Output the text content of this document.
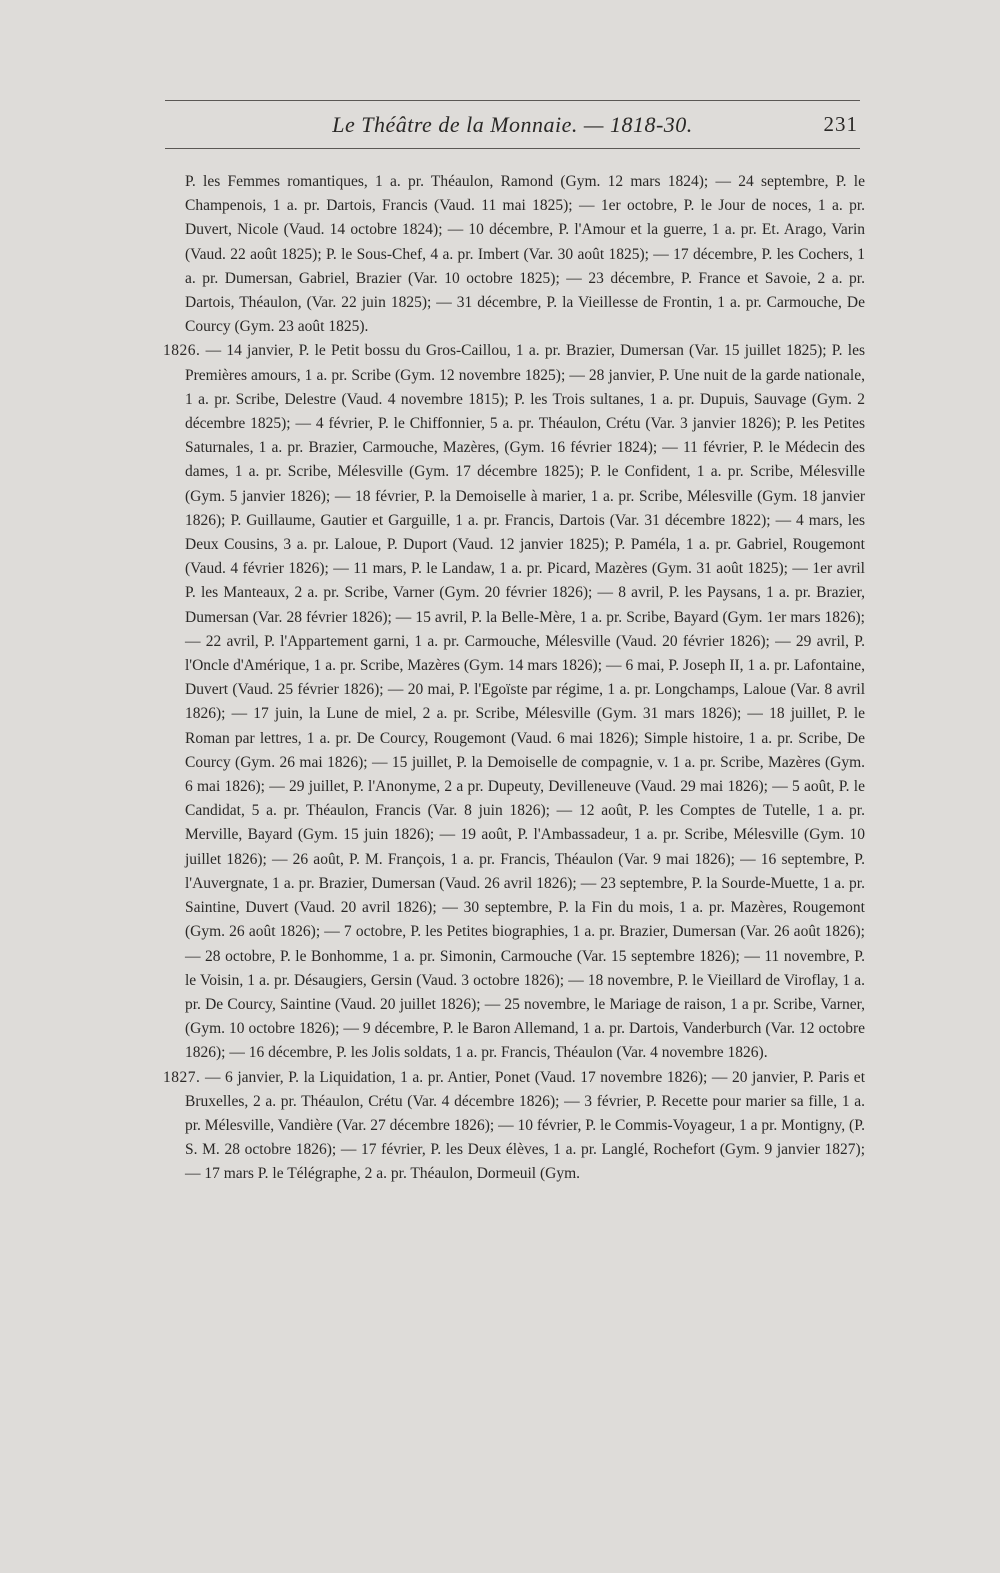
Le Théâtre de la Monnaie. — 1818-30.	231

P. les Femmes romantiques, 1 a. pr. Théaulon, Ramond (Gym. 12 mars 1824); — 24 septembre, P. le Champenois, 1 a. pr. Dartois, Francis (Vaud. 11 mai 1825); — 1er octobre, P. le Jour de noces, 1 a. pr. Duvert, Nicole (Vaud. 14 octobre 1824); — 10 décembre, P. l'Amour et la guerre, 1 a. pr. Et. Arago, Varin (Vaud. 22 août 1825); P. le Sous-Chef, 4 a. pr. Imbert (Var. 30 août 1825); — 17 décembre, P. les Cochers, 1 a. pr. Dumersan, Gabriel, Brazier (Var. 10 octobre 1825); — 23 décembre, P. France et Savoie, 2 a. pr. Dartois, Théaulon, (Var. 22 juin 1825); — 31 décembre, P. la Vieillesse de Frontin, 1 a. pr. Carmouche, De Courcy (Gym. 23 août 1825).

1826. — 14 janvier, P. le Petit bossu du Gros-Caillou, 1 a. pr. Brazier, Dumersan (Var. 15 juillet 1825); P. les Premières amours, 1 a. pr. Scribe (Gym. 12 novembre 1825); — 28 janvier, P. Une nuit de la garde nationale, 1 a. pr. Scribe, Delestre (Vaud. 4 novembre 1815); P. les Trois sultanes, 1 a. pr. Dupuis, Sauvage (Gym. 2 décembre 1825); — 4 février, P. le Chiffonnier, 5 a. pr. Théaulon, Crétu (Var. 3 janvier 1826); P. les Petites Saturnales, 1 a. pr. Brazier, Carmouche, Mazères, (Gym. 16 février 1824); — 11 février, P. le Médecin des dames, 1 a. pr. Scribe, Mélesville (Gym. 17 décembre 1825); P. le Confident, 1 a. pr. Scribe, Mélesville (Gym. 5 janvier 1826); — 18 février, P. la Demoiselle à marier, 1 a. pr. Scribe, Mélesville (Gym. 18 janvier 1826); P. Guillaume, Gautier et Garguille, 1 a. pr. Francis, Dartois (Var. 31 décembre 1822); — 4 mars, les Deux Cousins, 3 a. pr. Laloue, P. Duport (Vaud. 12 janvier 1825); P. Paméla, 1 a. pr. Gabriel, Rougemont (Vaud. 4 février 1826); — 11 mars, P. le Landaw, 1 a. pr. Picard, Mazères (Gym. 31 août 1825); — 1er avril P. les Manteaux, 2 a. pr. Scribe, Varner (Gym. 20 février 1826); — 8 avril, P. les Paysans, 1 a. pr. Brazier, Dumersan (Var. 28 février 1826); — 15 avril, P. la Belle-Mère, 1 a. pr. Scribe, Bayard (Gym. 1er mars 1826); — 22 avril, P. l'Appartement garni, 1 a. pr. Carmouche, Mélesville (Vaud. 20 février 1826); — 29 avril, P. l'Oncle d'Amérique, 1 a. pr. Scribe, Mazères (Gym. 14 mars 1826); — 6 mai, P. Joseph II, 1 a. pr. Lafontaine, Duvert (Vaud. 25 février 1826); — 20 mai, P. l'Egoïste par régime, 1 a. pr. Longchamps, Laloue (Var. 8 avril 1826); — 17 juin, la Lune de miel, 2 a. pr. Scribe, Mélesville (Gym. 31 mars 1826); — 18 juillet, P. le Roman par lettres, 1 a. pr. De Courcy, Rougemont (Vaud. 6 mai 1826); Simple histoire, 1 a. pr. Scribe, De Courcy (Gym. 26 mai 1826); — 15 juillet, P. la Demoiselle de compagnie, v. 1 a. pr. Scribe, Mazères (Gym. 6 mai 1826); — 29 juillet, P. l'Anonyme, 2 a pr. Dupeuty, Devilleneuve (Vaud. 29 mai 1826); — 5 août, P. le Candidat, 5 a. pr. Théaulon, Francis (Var. 8 juin 1826); — 12 août, P. les Comptes de Tutelle, 1 a. pr. Merville, Bayard (Gym. 15 juin 1826); — 19 août, P. l'Ambassadeur, 1 a. pr. Scribe, Mélesville (Gym. 10 juillet 1826); — 26 août, P. M. François, 1 a. pr. Francis, Théaulon (Var. 9 mai 1826); — 16 septembre, P. l'Auvergnate, 1 a. pr. Brazier, Dumersan (Vaud. 26 avril 1826); — 23 septembre, P. la Sourde-Muette, 1 a. pr. Saintine, Duvert (Vaud. 20 avril 1826); — 30 septembre, P. la Fin du mois, 1 a. pr. Mazères, Rougemont (Gym. 26 août 1826); — 7 octobre, P. les Petites biographies, 1 a. pr. Brazier, Dumersan (Var. 26 août 1826); — 28 octobre, P. le Bonhomme, 1 a. pr. Simonin, Carmouche (Var. 15 septembre 1826); — 11 novembre, P. le Voisin, 1 a. pr. Désaugiers, Gersin (Vaud. 3 octobre 1826); — 18 novembre, P. le Vieillard de Viroflay, 1 a. pr. De Courcy, Saintine (Vaud. 20 juillet 1826); — 25 novembre, le Mariage de raison, 1 a pr. Scribe, Varner, (Gym. 10 octobre 1826); — 9 décembre, P. le Baron Allemand, 1 a. pr. Dartois, Vanderburch (Var. 12 octobre 1826); — 16 décembre, P. les Jolis soldats, 1 a. pr. Francis, Théaulon (Var. 4 novembre 1826).

1827. — 6 janvier, P. la Liquidation, 1 a. pr. Antier, Ponet (Vaud. 17 novembre 1826); — 20 janvier, P. Paris et Bruxelles, 2 a. pr. Théaulon, Crétu (Var. 4 décembre 1826); — 3 février, P. Recette pour marier sa fille, 1 a. pr. Mélesville, Vandière (Var. 27 décembre 1826); — 10 février, P. le Commis-Voyageur, 1 a pr. Montigny, (P. S. M. 28 octobre 1826); — 17 février, P. les Deux élèves, 1 a. pr. Langlé, Rochefort (Gym. 9 janvier 1827); — 17 mars P. le Télégraphe, 2 a. pr. Théaulon, Dormeuil (Gym.
